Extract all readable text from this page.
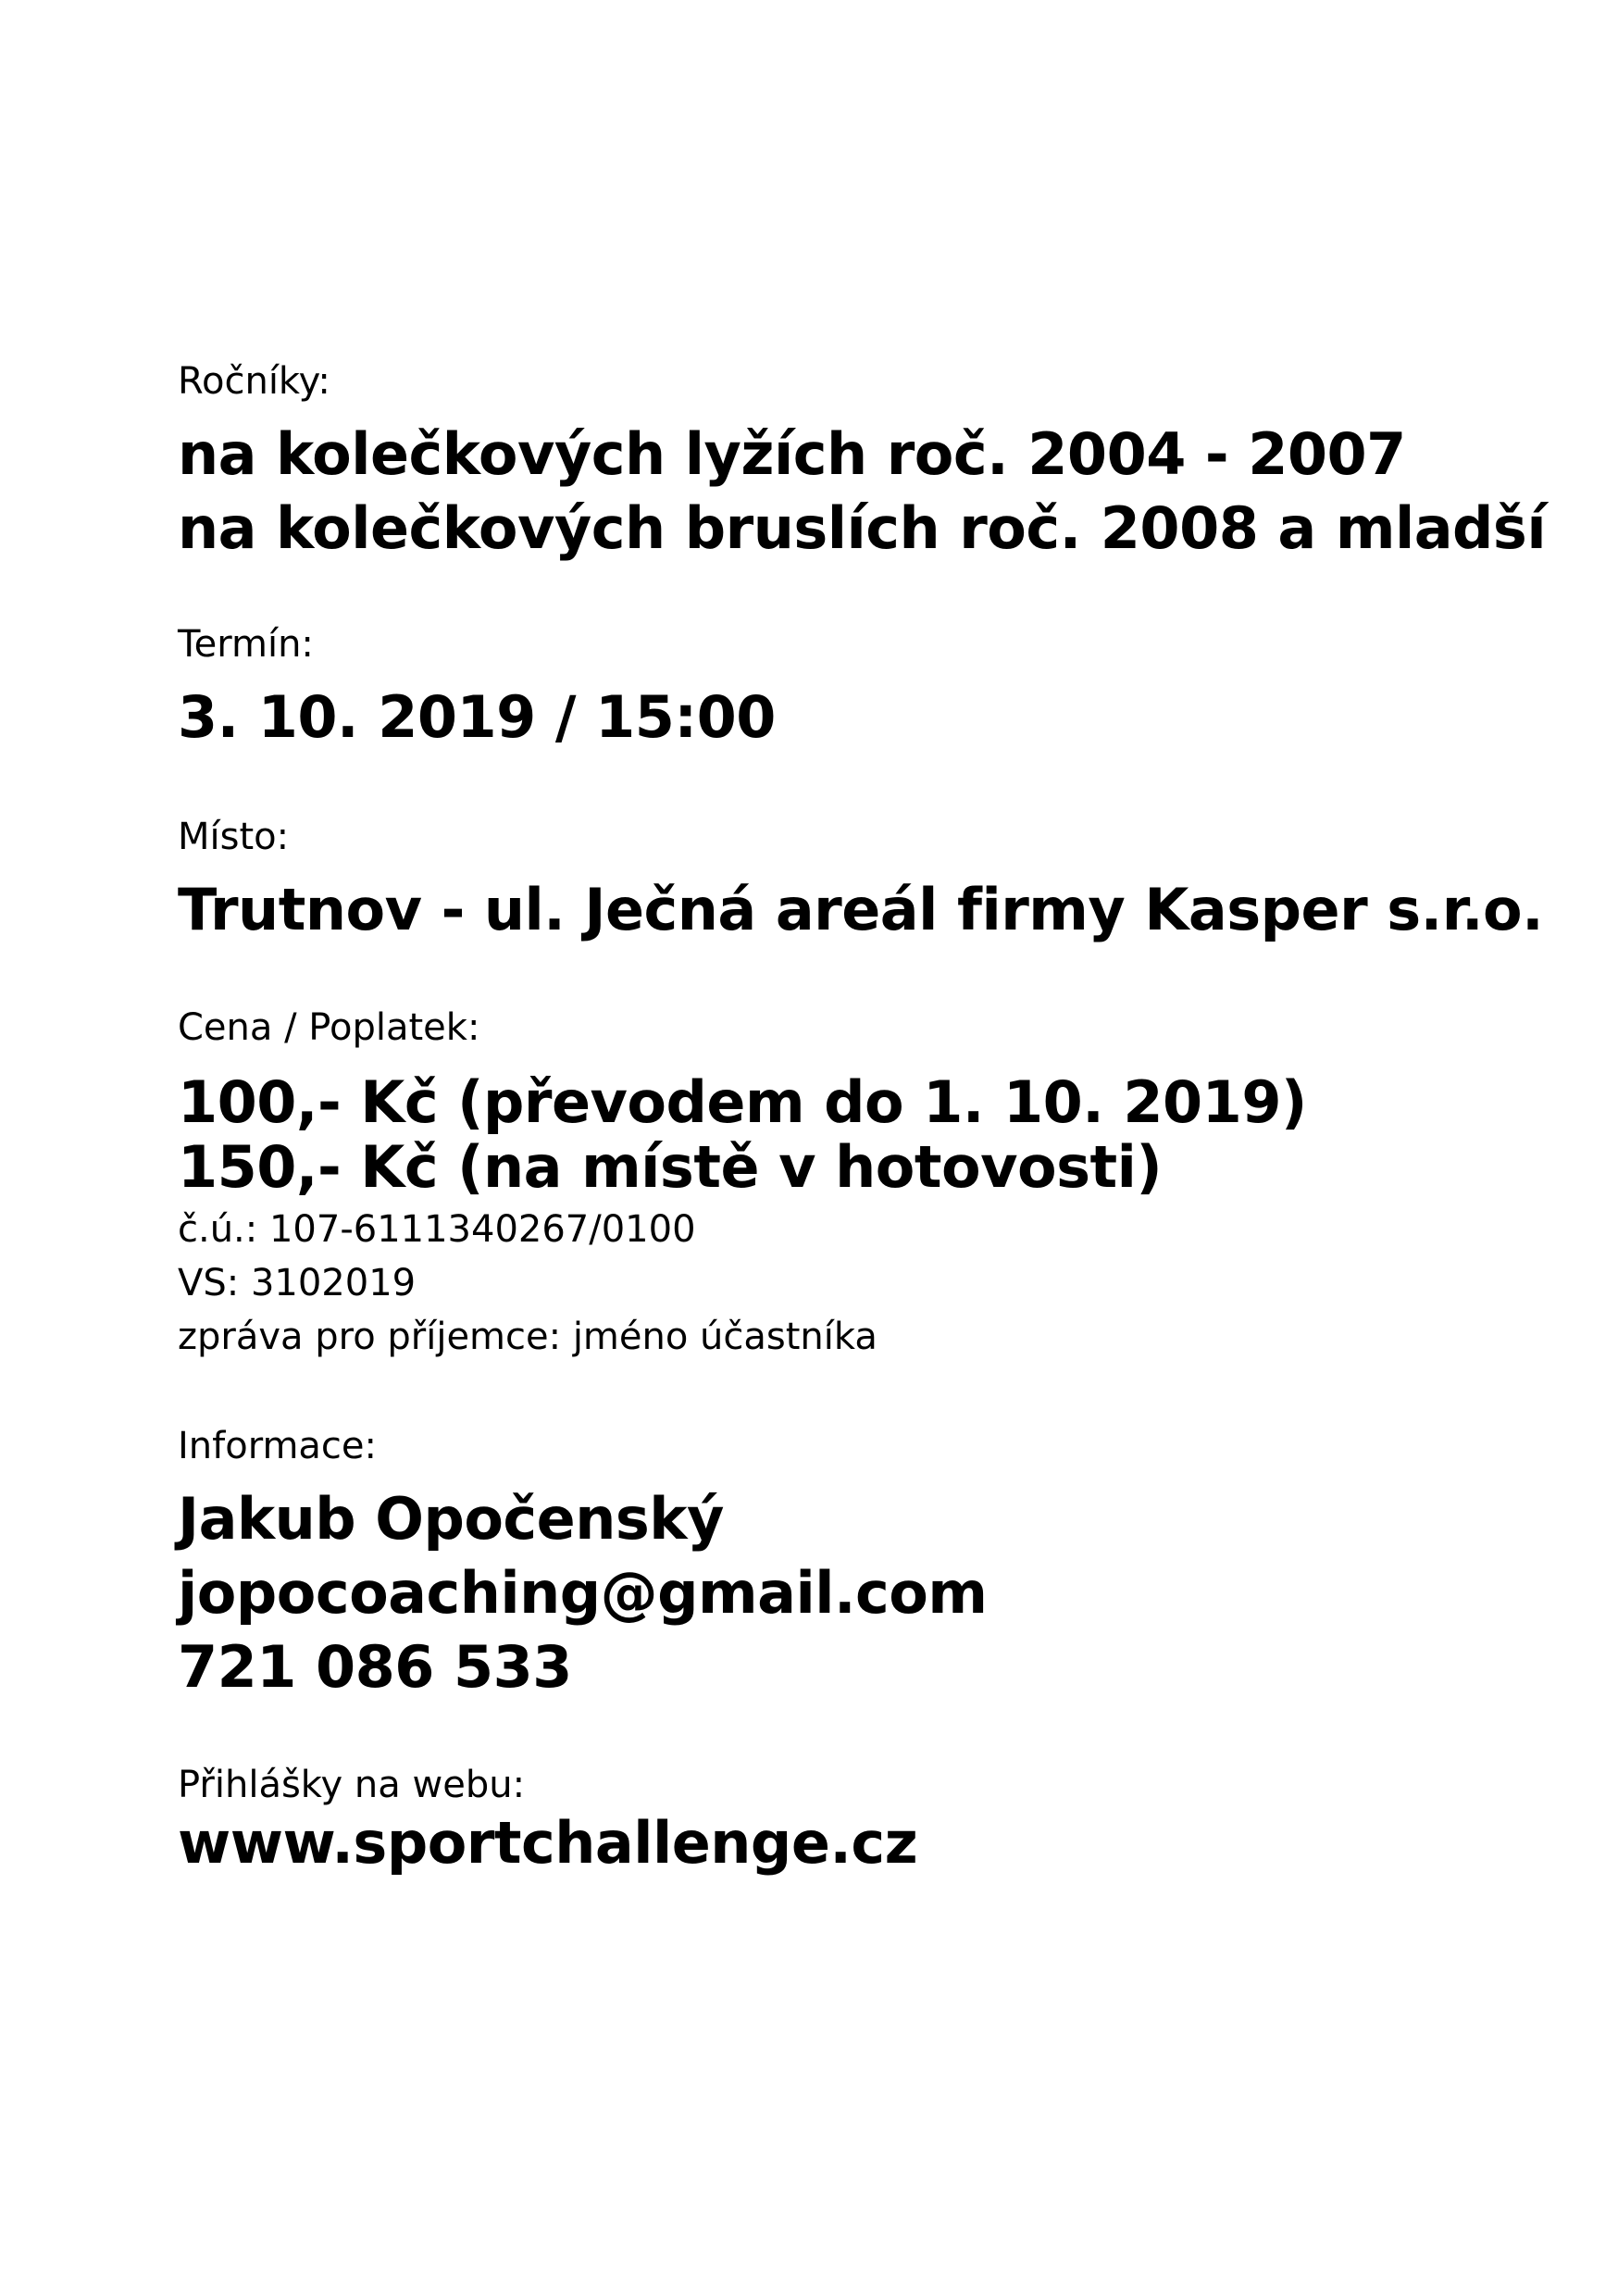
Ročníky:
na kolečkových lyžích roč. 2004 - 2007
na kolečkových bruslích roč. 2008 a mladší
Termín:
3. 10. 2019 / 15:00
Místo:
Trutnov - ul. Ječná areál firmy Kasper s.r.o.
Cena / Poplatek:
100,- Kč (převodem do 1. 10. 2019)
150,- Kč (na místě v hotovosti)
č.ú.: 107-6111340267/0100
VS: 3102019
zpráva pro příjemce: jméno účastníka
Informace:
Jakub Opočenský
jopocoaching@gmail.com
721 086 533
Přihlášky na webu:
www.sportchallenge.cz
